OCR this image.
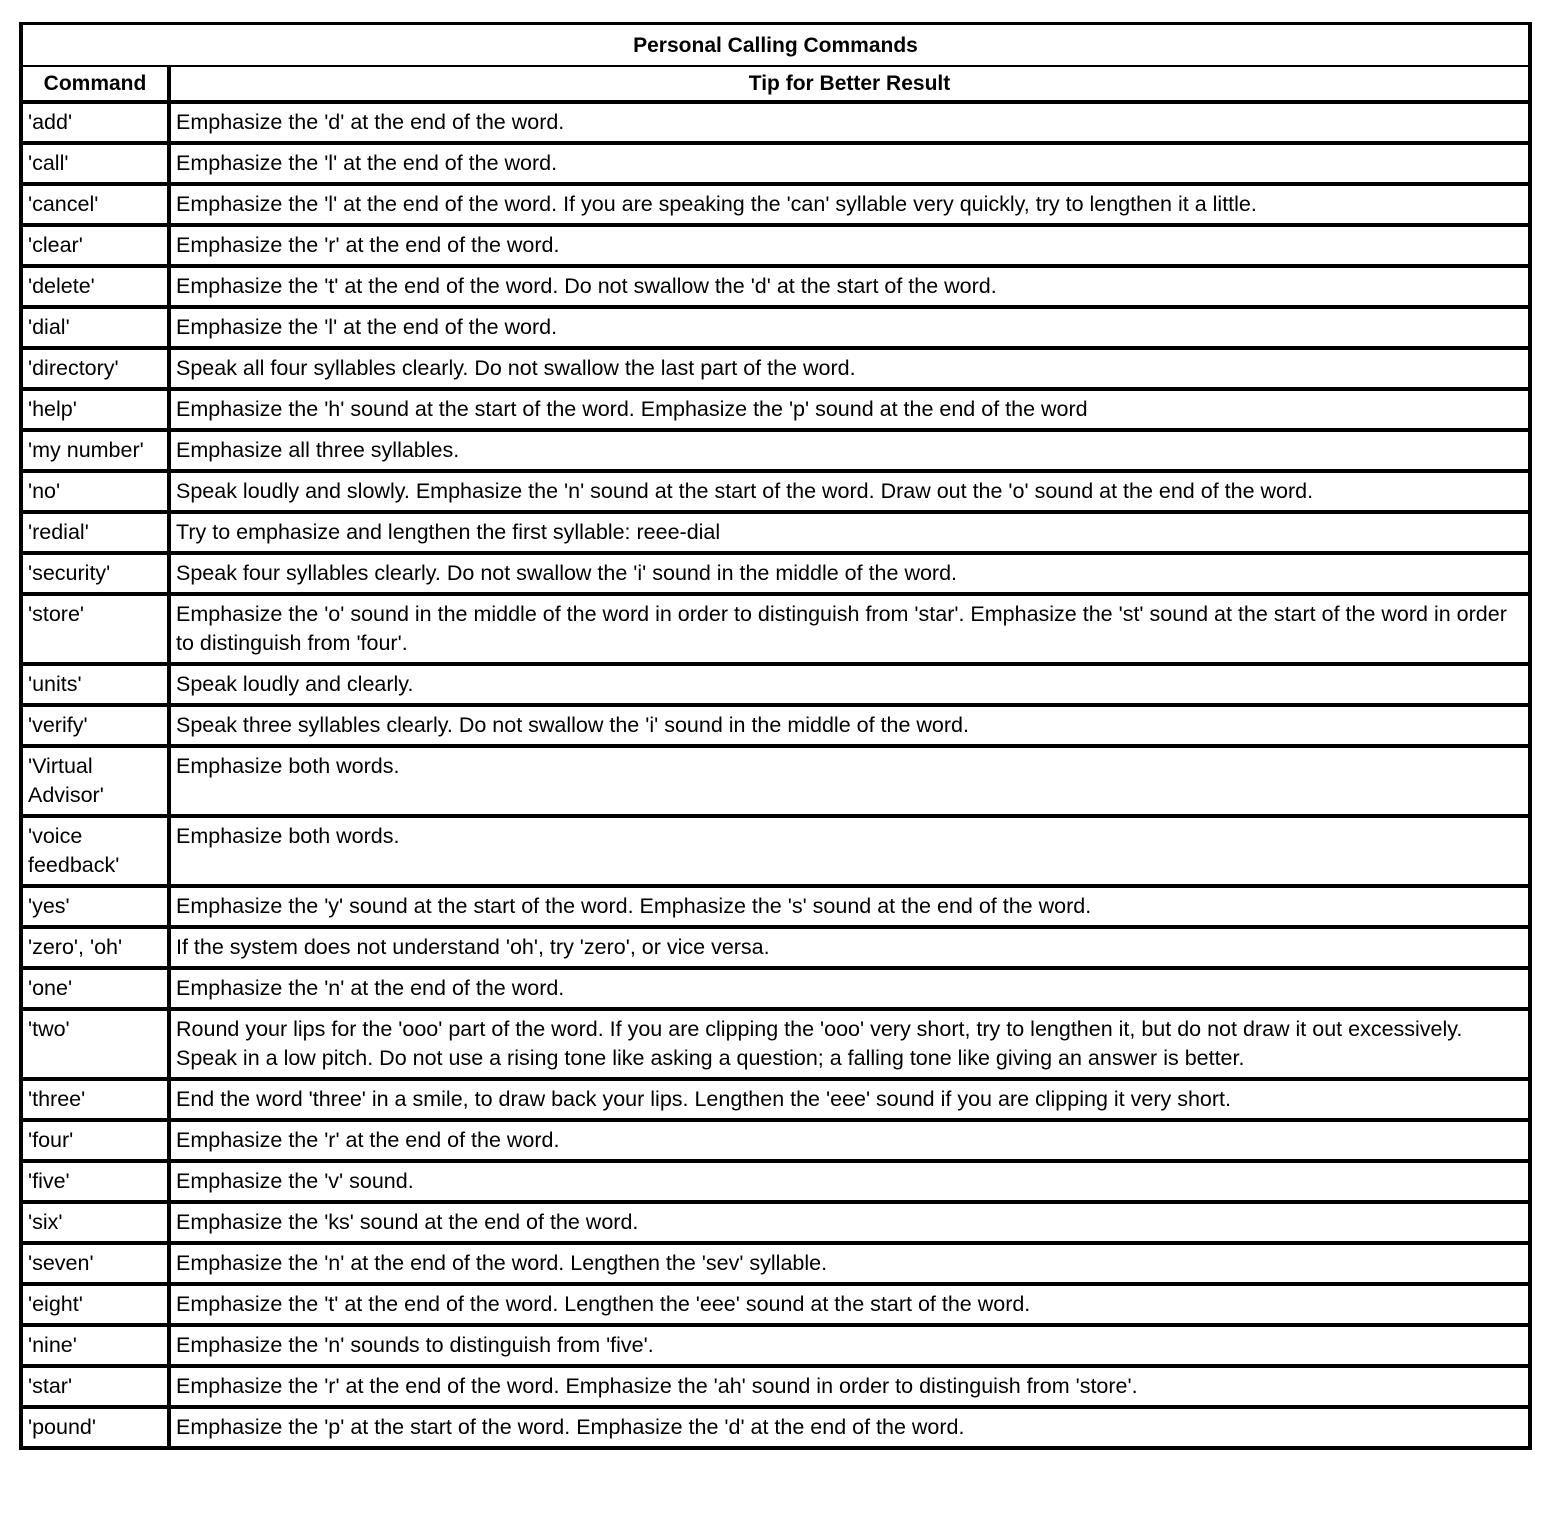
Personal Calling Commands	
Command	Tip for Better Result
'add'	Emphasize the 'd' at the end of the word.
'call'	Emphasize the 'l' at the end of the word.
'cancel'	Emphasize the 'l' at the end of the word. If you are speaking the 'can' syllable very quickly, try to lengthen it a little.
'clear'	Emphasize the 'r' at the end of the word.
'delete'	Emphasize the 't' at the end of the word. Do not swallow the 'd' at the start of the word.
'dial'	Emphasize the 'l' at the end of the word.
'directory'	Speak all four syllables clearly. Do not swallow the last part of the word.
'help'	Emphasize the 'h' sound at the start of the word. Emphasize the 'p' sound at the end of the word
'my number'	Emphasize all three syllables.
'no'	Speak loudly and slowly. Emphasize the 'n' sound at the start of the word. Draw out the 'o' sound at the end of the word.
'redial'	Try to emphasize and lengthen the first syllable: reee-dial
'security'	Speak four syllables clearly. Do not swallow the 'i' sound in the middle of the word.
'store'	Emphasize the 'o' sound in the middle of the word in order to distinguish from 'star'. Emphasize the 'st' sound at the start of the word in order to distinguish from 'four'.
'units'	Speak loudly and clearly.
'verify'	Speak three syllables clearly. Do not swallow the 'i' sound in the middle of the word.
'Virtual Advisor'	Emphasize both words.
'voice feedback'	Emphasize both words.
'yes'	Emphasize the 'y' sound at the start of the word. Emphasize the 's' sound at the end of the word.
'zero', 'oh'	If the system does not understand 'oh', try 'zero', or vice versa.
'one'	Emphasize the 'n' at the end of the word.
'two'	Round your lips for the 'ooo' part of the word. If you are clipping the 'ooo' very short, try to lengthen it, but do not draw it out excessively. Speak in a low pitch. Do not use a rising tone like asking a question; a falling tone like giving an answer is better.
'three'	End the word 'three' in a smile, to draw back your lips. Lengthen the 'eee' sound if you are clipping it very short.
'four'	Emphasize the 'r' at the end of the word.
'five'	Emphasize the 'v' sound.
'six'	Emphasize the 'ks' sound at the end of the word.
'seven'	Emphasize the 'n' at the end of the word. Lengthen the 'sev' syllable.
'eight'	Emphasize the 't' at the end of the word. Lengthen the 'eee' sound at the start of the word.
'nine'	Emphasize the 'n' sounds to distinguish from 'five'.
'star'	Emphasize the 'r' at the end of the word. Emphasize the 'ah' sound in order to distinguish from 'store'.
'pound'	Emphasize the 'p' at the start of the word. Emphasize the 'd' at the end of the word.
